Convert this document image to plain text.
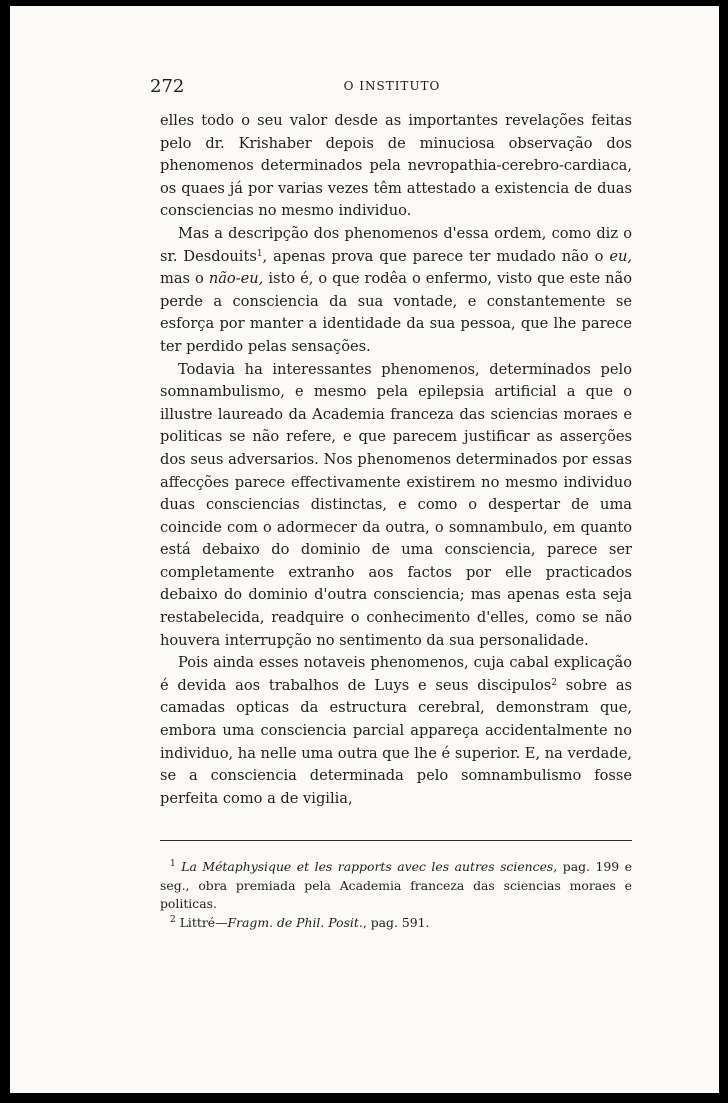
272	O INSTITUTO

elles todo o seu valor desde as importantes revelações feitas pelo dr. Krishaber depois de minuciosa observação dos phenomenos determinados pela nevropathia-cerebro-cardiaca, os quaes já por varias vezes têm attestado a existencia de duas consciencias no mesmo individuo.

Mas a descripção dos phenomenos d'essa ordem, como diz o sr. Desdouits$^1$, apenas prova que parece ter mudado não o eu, mas o não-eu, isto é, o que rodêa o enfermo, visto que este não perde a consciencia da sua vontade, e constantemente se esforça por manter a identidade da sua pessoa, que lhe parece ter perdido pelas sensações.

Todavia ha interessantes phenomenos, determinados pelo somnambulismo, e mesmo pela epilepsia artificial a que o illustre laureado da Academia franceza das sciencias moraes e politicas se não refere, e que parecem justificar as asserções dos seus adversarios. Nos phenomenos determinados por essas affecções parece effectivamente existirem no mesmo individuo duas consciencias distinctas, e como o despertar de uma coincide com o adormecer da outra, o somnambulo, em quanto está debaixo do dominio de uma consciencia, parece ser completamente extranho aos factos por elle practicados debaixo do dominio d'outra consciencia; mas apenas esta seja restabelecida, readquire o conhecimento d'elles, como se não houvera interrupção no sentimento da sua personalidade.

Pois ainda esses notaveis phenomenos, cuja cabal explicação é devida aos trabalhos de Luys e seus discipulos$^2$ sobre as camadas opticas da estructura cerebral, demonstram que, embora uma consciencia parcial appareça accidentalmente no individuo, ha nelle uma outra que lhe é superior. E, na verdade, se a consciencia determinada pelo somnambulismo fosse perfeita como a de vigilia,

$^1$ La Métaphysique et les rapports avec les autres sciences, pag. 199 e seg., obra premiada pela Academia franceza das sciencias moraes e politicas.

$^2$ Littré—Fragm. de Phil. Posit., pag. 591.
